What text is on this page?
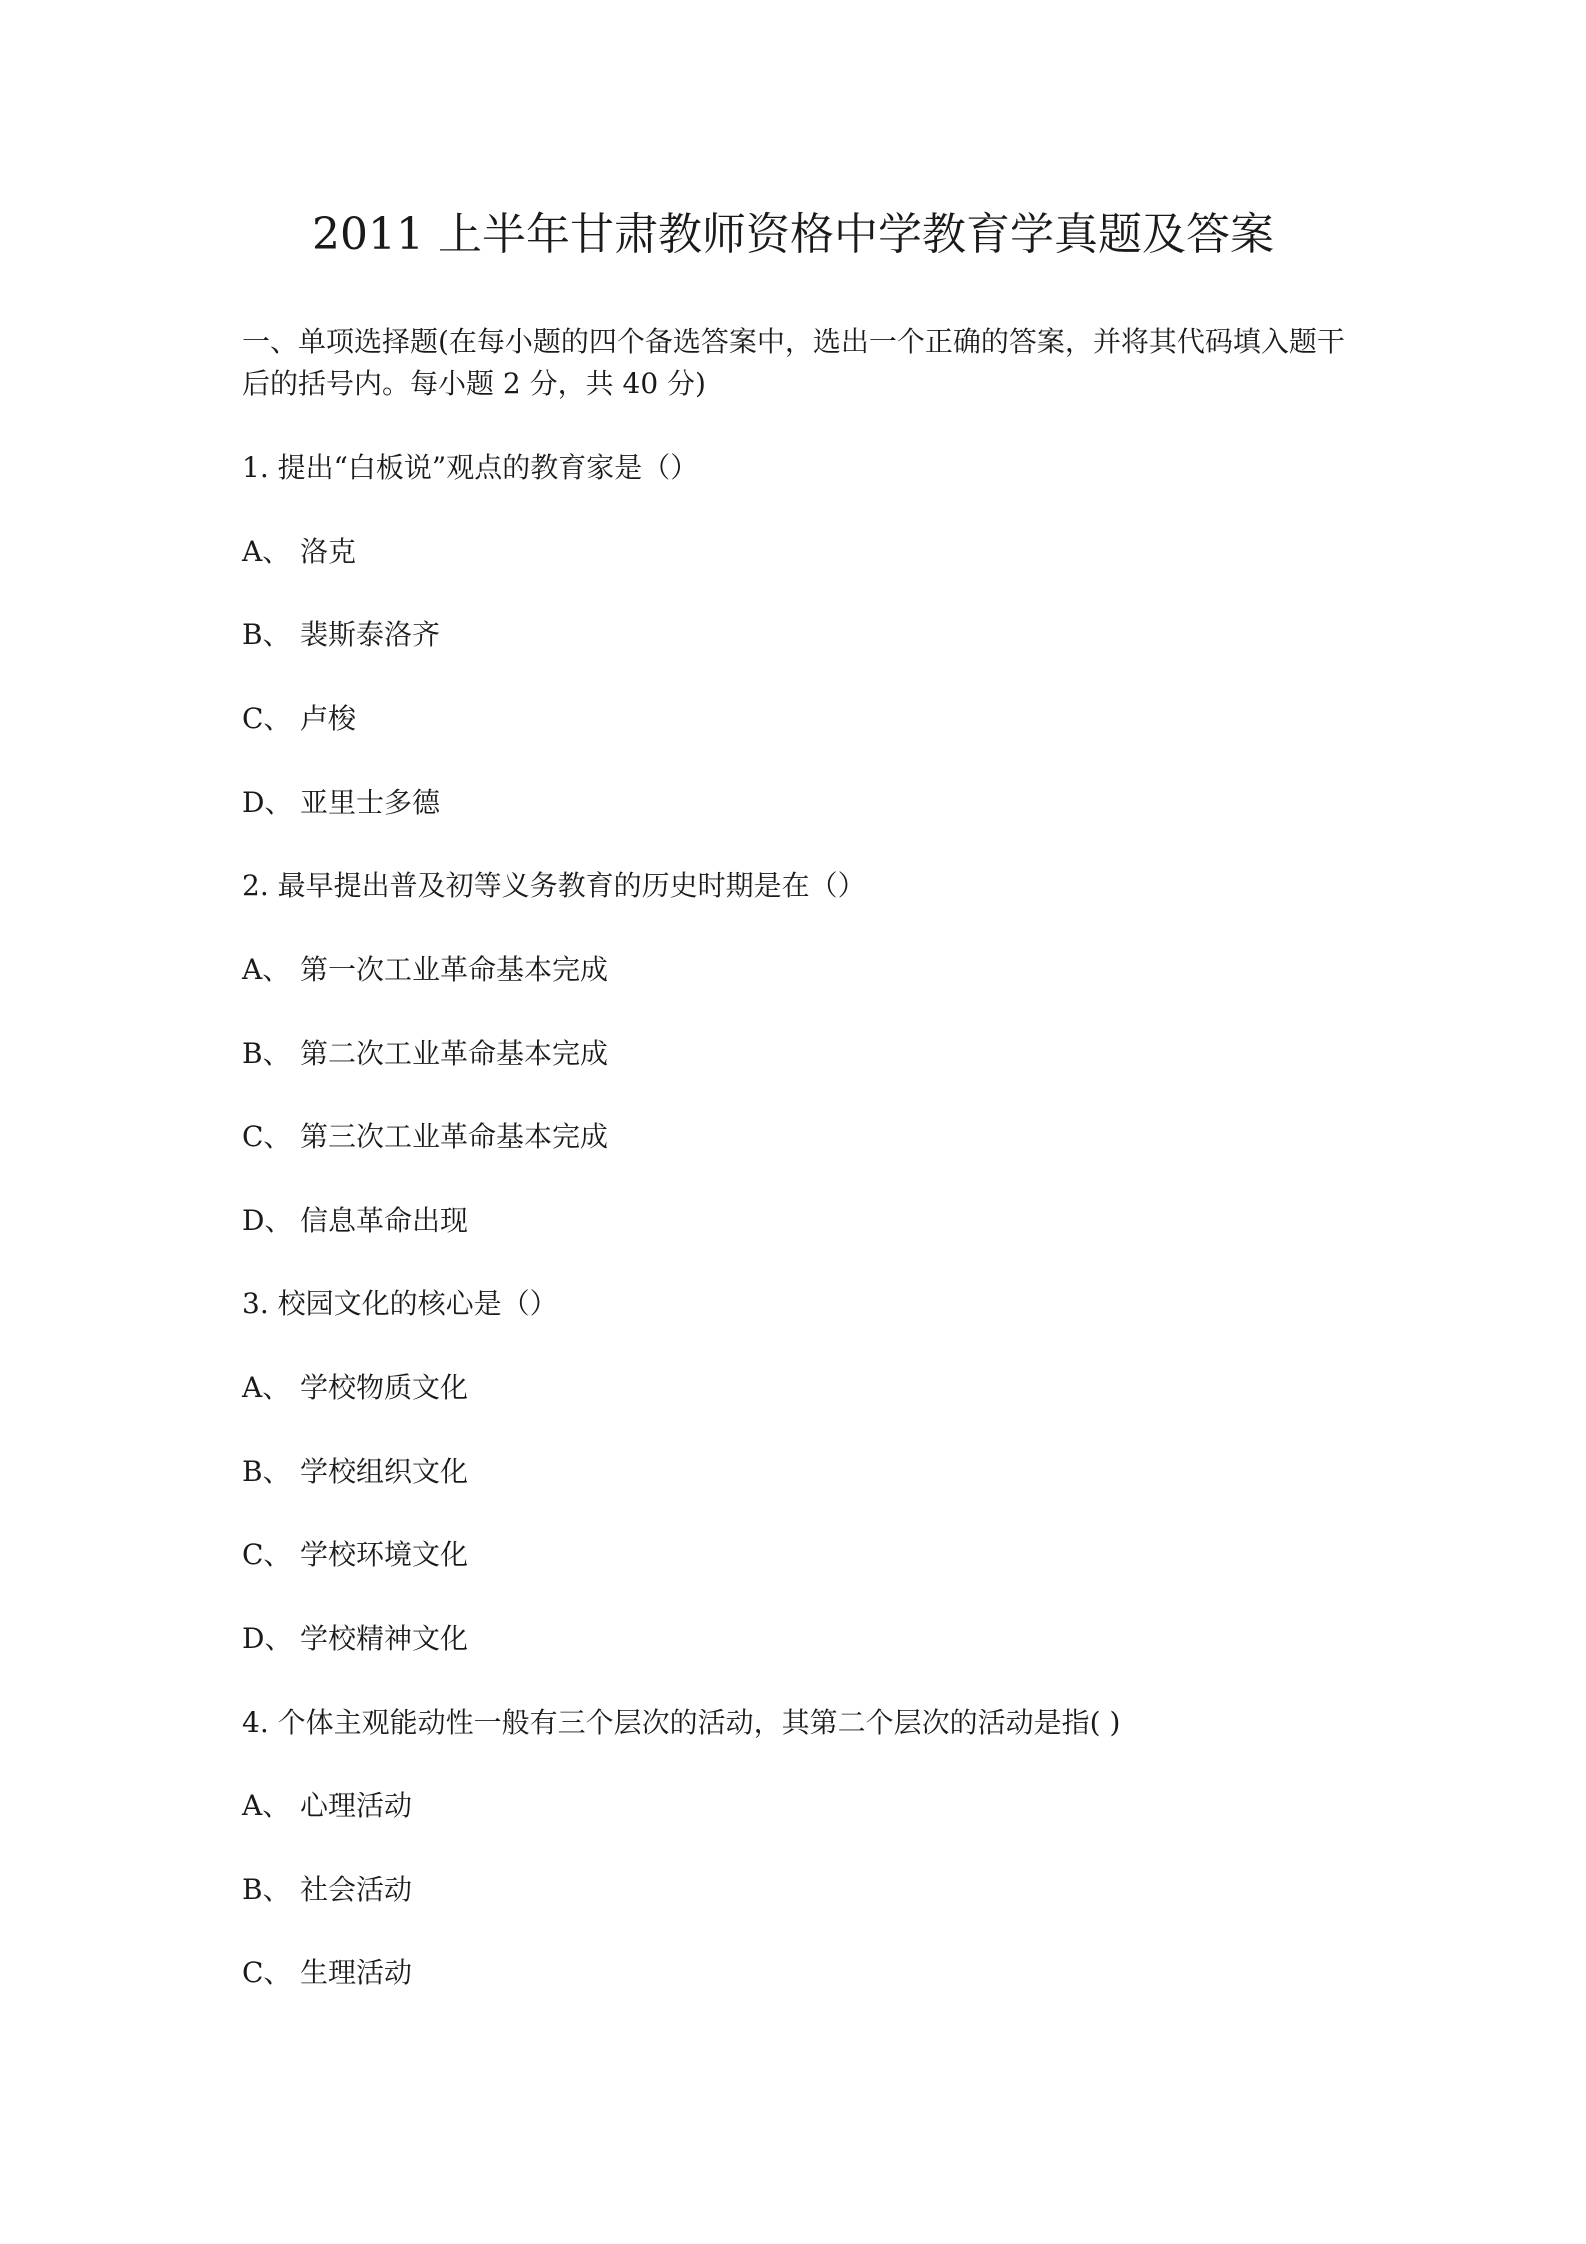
2011 上半年甘肃教师资格中学教育学真题及答案
一、单项选择题(在每小题的四个备选答案中，选出一个正确的答案，并将其代码填入题干
后的括号内。每小题 2 分，共 40 分)
1. 提出“白板说”观点的教育家是（）
A、 洛克
B、 裴斯泰洛齐
C、 卢梭
D、 亚里士多德
2. 最早提出普及初等义务教育的历史时期是在（）
A、 第一次工业革命基本完成
B、 第二次工业革命基本完成
C、 第三次工业革命基本完成
D、 信息革命出现
3. 校园文化的核心是（）
A、 学校物质文化
B、 学校组织文化
C、 学校环境文化
D、 学校精神文化
4. 个体主观能动性一般有三个层次的活动，其第二个层次的活动是指( )
A、 心理活动
B、 社会活动
C、 生理活动
